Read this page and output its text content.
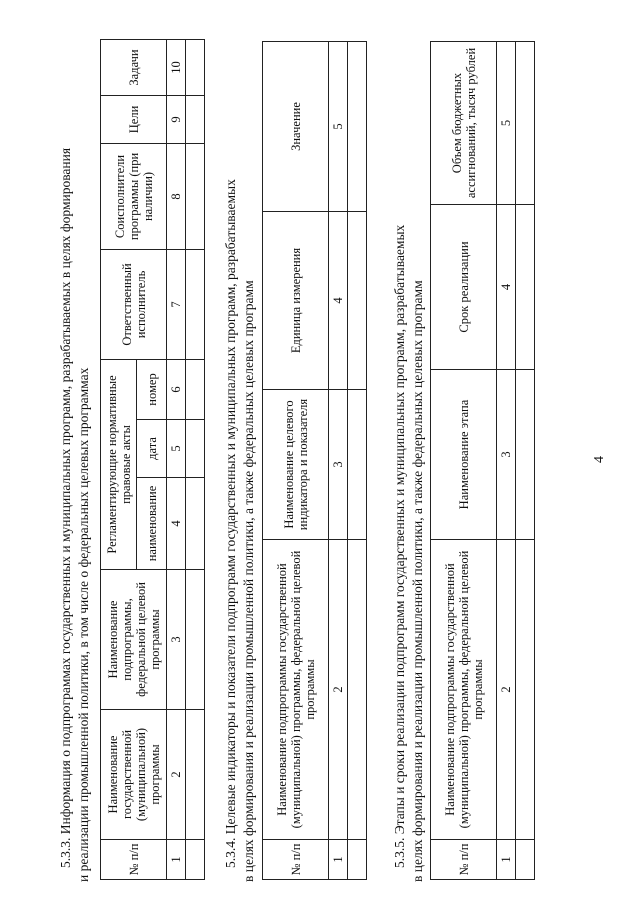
4
5.3.3. Информация о подпрограммах государственных и муниципальных программ, разрабатываемых в целях формирования и реализации промышленной политики, в том числе о федеральных целевых программах	№ п/п	Наименование государственной (муниципальной) программы	Наименование подпрограммы, федеральной целевой программы	Регламентирующие нормативные правовые акты			Ответственный исполнитель	Соисполнители программы (при наличии)	Цели	Задачи
			наименование	дата	номер				
1	2	3	4	5	6	7	8	9	10

5.3.4. Целевые индикаторы и показатели подпрограмм государственных и муниципальных программ, разрабатываемых в целях формирования и реализации промышленной политики, а также федеральных целевых программ	№ п/п	Наименование подпрограммы государственной (муниципальной) программы, федеральной целевой программы	Наименование целевого индикатора и показателя	Единица измерения	Значение
1	2	3	4	5

5.3.5. Этапы и сроки реализации подпрограмм государственных и муниципальных программ, разрабатываемых в целях формирования и реализации промышленной политики, а также федеральных целевых программ	№ п/п	Наименование подпрограммы государственной (муниципальной) программы, федеральной целевой программы	Наименование этапа	Срок реализации	Объем бюджетных ассигнований, тысяч рублей
1	2	3	4	5
